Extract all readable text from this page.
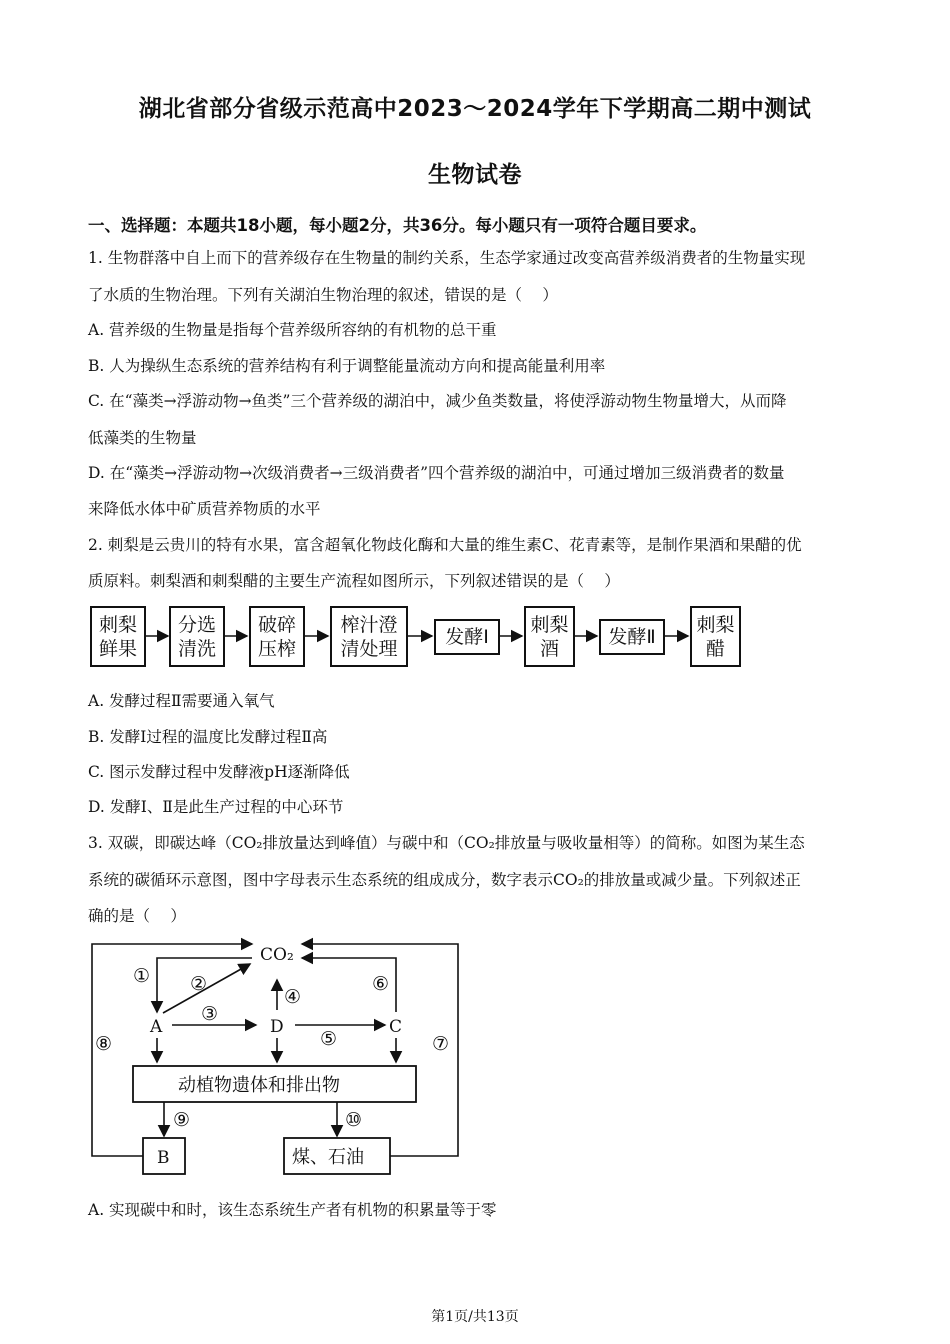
湖北省部分省级示范高中2023～2024学年下学期高二期中测试
生物试卷
一、选择题：本题共18小题，每小题2分，共36分。每小题只有一项符合题目要求。
1. 生物群落中自上而下的营养级存在生物量的制约关系，生态学家通过改变高营养级消费者的生物量实现
了水质的生物治理。下列有关湖泊生物治理的叙述，错误的是（　 ）
A. 营养级的生物量是指每个营养级所容纳的有机物的总干重
B. 人为操纵生态系统的营养结构有利于调整能量流动方向和提高能量利用率
C. 在“藻类→浮游动物→鱼类”三个营养级的湖泊中，减少鱼类数量，将使浮游动物生物量增大，从而降
低藻类的生物量
D. 在“藻类→浮游动物→次级消费者→三级消费者”四个营养级的湖泊中，可通过增加三级消费者的数量
来降低水体中矿质营养物质的水平
2. 刺梨是云贵川的特有水果，富含超氧化物歧化酶和大量的维生素C、花青素等，是制作果酒和果醋的优
质原料。刺梨酒和刺梨醋的主要生产流程如图所示，下列叙述错误的是（　 ）
刺梨
鲜果
分选
清洗
破碎
压榨
榨汁澄
清处理
发酵Ⅰ
刺梨
酒
发酵Ⅱ
刺梨
醋
A. 发酵过程Ⅱ需要通入氧气
B. 发酵Ⅰ过程的温度比发酵过程Ⅱ高
C. 图示发酵过程中发酵液pH逐渐降低
D. 发酵Ⅰ、Ⅱ是此生产过程的中心环节
3. 双碳，即碳达峰（CO₂排放量达到峰值）与碳中和（CO₂排放量与吸收量相等）的简称。如图为某生态
系统的碳循环示意图，图中字母表示生态系统的组成成分，数字表示CO₂的排放量或减少量。下列叙述正
确的是（　 ）
CO₂
A	D	C
B
动植物遗体和排出物
煤、石油
① ②
③
④
⑤
⑥
⑦
⑧
⑨	⑩
A. 实现碳中和时，该生态系统生产者有机物的积累量等于零
第1页/共13页
